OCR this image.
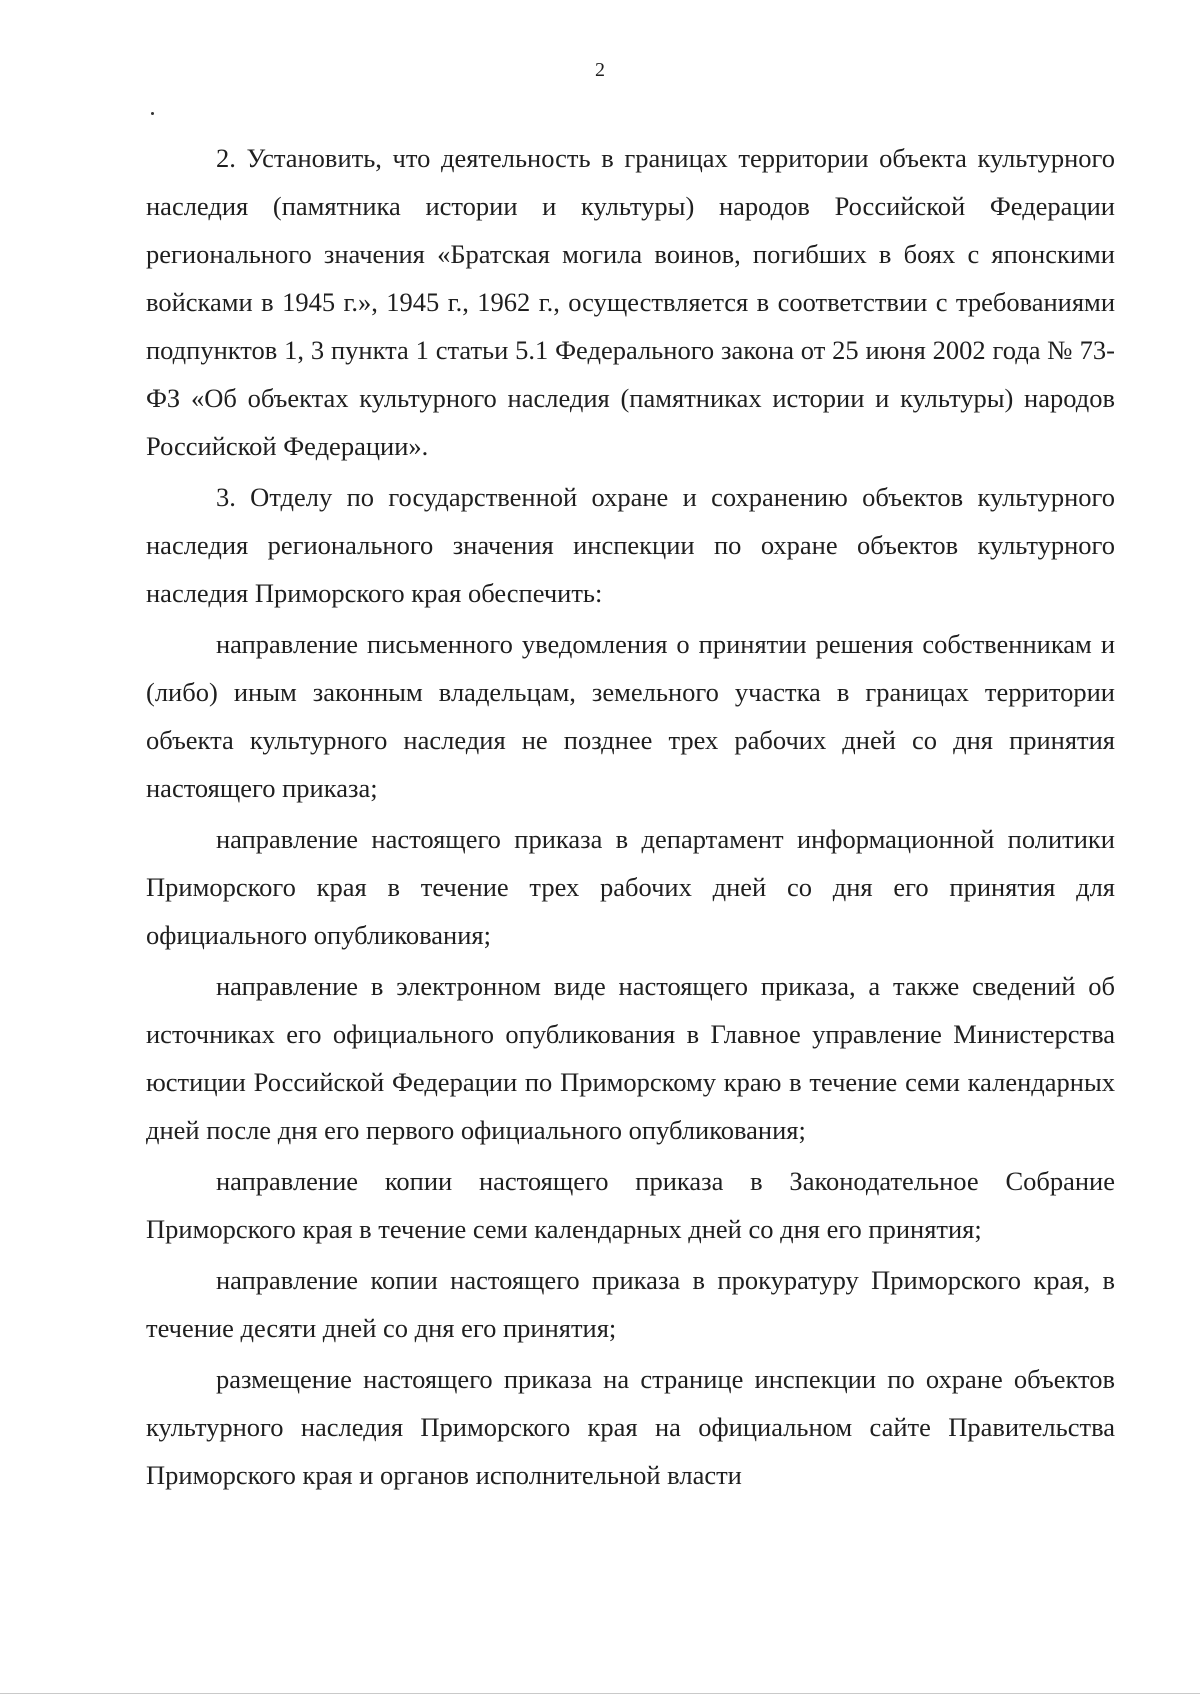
2

2. Установить, что деятельность в границах территории объекта культурного наследия (памятника истории и культуры) народов Российской Федерации регионального значения «Братская могила воинов, погибших в боях с японскими войсками в 1945 г.», 1945 г., 1962 г., осуществляется в соответствии с требованиями подпунктов 1, 3 пункта 1 статьи 5.1 Федерального закона от 25 июня 2002 года № 73-ФЗ «Об объектах культурного наследия (памятниках истории и культуры) народов Российской Федерации».

3. Отделу по государственной охране и сохранению объектов культурного наследия регионального значения инспекции по охране объектов культурного наследия Приморского края обеспечить:

направление письменного уведомления о принятии решения собственникам и (либо) иным законным владельцам, земельного участка в границах территории объекта культурного наследия не позднее трех рабочих дней со дня принятия настоящего приказа;

направление настоящего приказа в департамент информационной политики Приморского края в течение трех рабочих дней со дня его принятия для официального опубликования;

направление в электронном виде настоящего приказа, а также сведений об источниках его официального опубликования в Главное управление Министерства юстиции Российской Федерации по Приморскому краю в течение семи календарных дней после дня его первого официального опубликования;

направление копии настоящего приказа в Законодательное Собрание Приморского края в течение семи календарных дней со дня его принятия;

направление копии настоящего приказа в прокуратуру Приморского края, в течение десяти дней со дня его принятия;

размещение настоящего приказа на странице инспекции по охране объектов культурного наследия Приморского края на официальном сайте Правительства Приморского края и органов исполнительной власти
